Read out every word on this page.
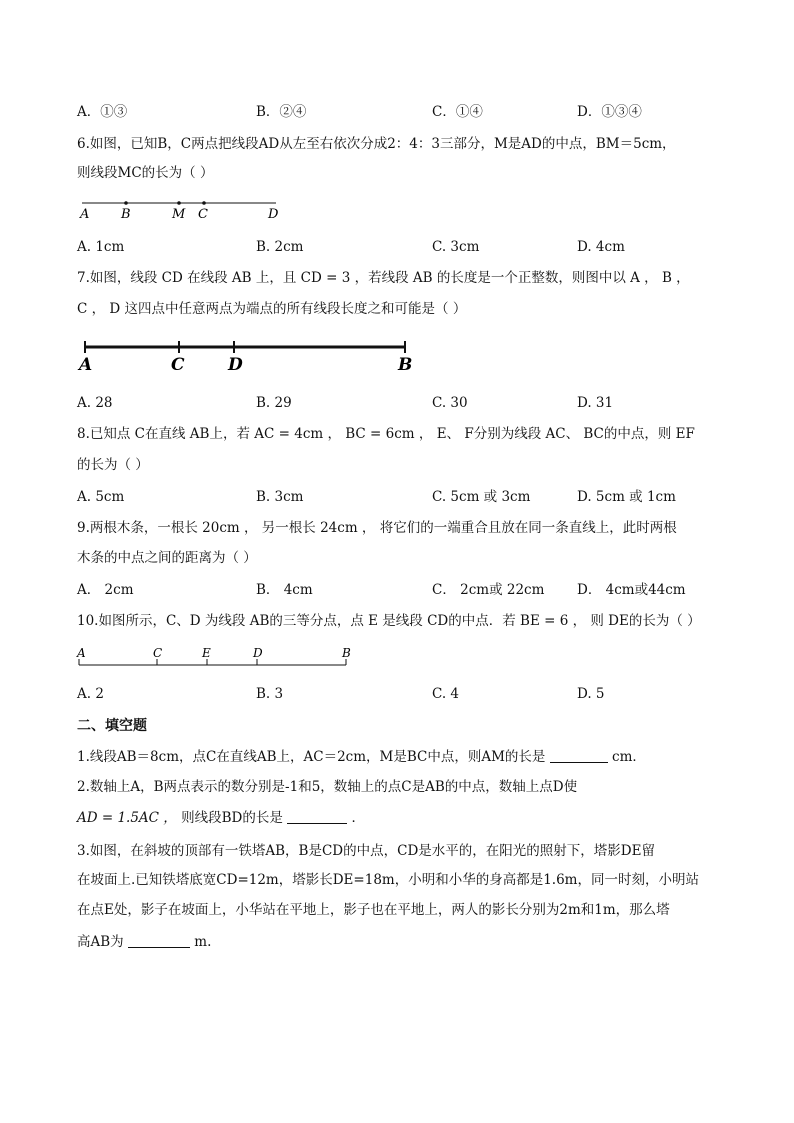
A．①③	B．②④	C．①④	D．①③④
6.如图，已知B，C两点把线段AD从左至右依次分成2：4：3三部分，M是AD的中点，BM＝5cm，
则线段MC的长为（ ）
A B	M C	D
A. 1cm	B. 2cm	C. 3cm	D. 4cm
7.如图，线段 CD 在线段 AB 上，且 CD = 3 ，若线段 AB 的长度是一个正整数，则图中以 A ， B ，
C ， D 这四点中任意两点为端点的所有线段长度之和可能是（ ）
A	C	D	B
A. 28	B. 29	C. 30	D. 31
8.已知点 C在直线 AB上，若 AC = 4cm ， BC = 6cm ， E、 F分别为线段 AC、 BC的中点，则 EF
的长为（ ）
A. 5cm	B. 3cm	C. 5cm 或 3cm	D. 5cm 或 1cm
9.两根木条，一根长 20cm ， 另一根长 24cm ， 将它们的一端重合且放在同一条直线上，此时两根
木条的中点之间的距离为（ ）
A． 2cm	B． 4cm	C． 2cm或 22cm D． 4cm或44cm
10.如图所示，C、D 为线段 AB的三等分点，点 E 是线段 CD的中点．若 BE = 6 ， 则 DE的长为（ ）
A	C	E	D	B
A. 2	B. 3	C. 4	D. 5
二、填空题
1.线段AB＝8cm，点C在直线AB上，AC＝2cm，M是BC中点，则AM的长是	cm．
2.数轴上A，B两点表示的数分别是-1和5，数轴上的点C是AB的中点，数轴上点D使
AD = 1.5AC ， 则线段BD的长是	．
3.如图，在斜坡的顶部有一铁塔AB，B是CD的中点，CD是水平的，在阳光的照射下，塔影DE留
在坡面上.已知铁塔底宽CD=12m，塔影长DE=18m，小明和小华的身高都是1.6m，同一时刻，小明站
在点E处，影子在坡面上，小华站在平地上，影子也在平地上，两人的影长分别为2m和1m，那么塔
高AB为	m.
